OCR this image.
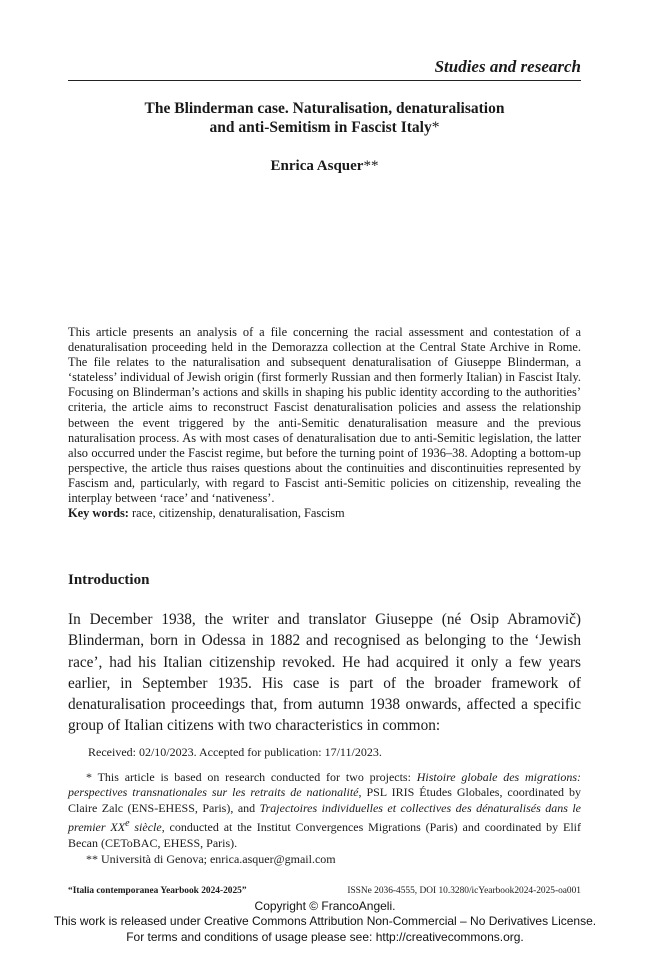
Studies and research
The Blinderman case. Naturalisation, denaturalisation
and anti-Semitism in Fascist Italy*
Enrica Asquer**

This article presents an analysis of a file concerning the racial assessment and contestation of a denaturalisation proceeding held in the Demorazza collection at the Central State Archive in Rome. The file relates to the naturalisation and subsequent denaturalisation of Giuseppe Blinderman, a ‘stateless’ individual of Jewish origin (first formerly Russian and then formerly Italian) in Fascist Italy. Focusing on Blinderman’s actions and skills in shaping his public identity according to the authorities’ criteria, the article aims to reconstruct Fascist denaturalisation policies and assess the relationship between the event triggered by the anti-Semitic denaturalisation measure and the previous naturalisation process. As with most cases of denaturalisation due to anti-Semitic legislation, the latter also occurred under the Fascist regime, but before the turning point of 1936–38. Adopting a bottom-up perspective, the article thus raises questions about the continuities and discontinuities represented by Fascism and, particularly, with regard to Fascist anti-Semitic policies on citizenship, revealing the interplay between ‘race’ and ‘nativeness’.

Key words: race, citizenship, denaturalisation, Fascism

Introduction

In December 1938, the writer and translator Giuseppe (né Osip Abramovič) Blinderman, born in Odessa in 1882 and recognised as belonging to the ‘Jewish race’, had his Italian citizenship revoked. He had acquired it only a few years earlier, in September 1935. His case is part of the broader framework of denaturalisation proceedings that, from autumn 1938 onwards, affected a specific group of Italian citizens with two characteristics in common:

Received: 02/10/2023. Accepted for publication: 17/11/2023.

* This article is based on research conducted for two projects: Histoire globale des migrations: perspectives transnationales sur les retraits de nationalité, PSL IRIS Études Globales, coordinated by Claire Zalc (ENS-EHESS, Paris), and Trajectoires individuelles et collectives des dénaturalisés dans le premier XXe siècle, conducted at the Institut Convergences Migrations (Paris) and coordinated by Elif Becan (CEToBAC, EHESS, Paris).

** Università di Genova; enrica.asquer@gmail.com

“Italia contemporanea Yearbook 2024-2025”	ISSNe 2036-4555, DOI 10.3280/icYearbook2024-2025-oa001
Copyright © FrancoAngeli.
This work is released under Creative Commons Attribution Non-Commercial – No Derivatives License.
For terms and conditions of usage please see: http://creativecommons.org.
